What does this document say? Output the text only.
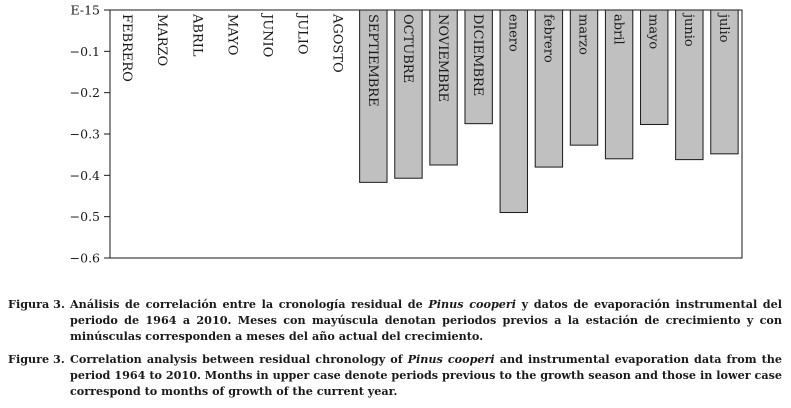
E-15
−0.1
−0.2
−0.3
−0.4
−0.5
−0.6
FEBRERO MARZO ABRIL MAYO JUNIO JULIO AGOSTO SEPTIEMBRE OCTUBRE NOVIEMBRE DICIEMBRE enero febrero marzo abril mayo junio julio
Figura 3. Análisis de correlación entre la cronología residual de Pinus cooperi y datos de evaporación instrumental del periodo de 1964 a 2010. Meses con mayúscula denotan periodos previos a la estación de crecimiento y con minúsculas corresponden a meses del año actual del crecimiento.
Figure 3. Correlation analysis between residual chronology of Pinus cooperi and instrumental evaporation data from the period 1964 to 2010. Months in upper case denote periods previous to the growth season and those in lower case correspond to months of growth of the current year.
